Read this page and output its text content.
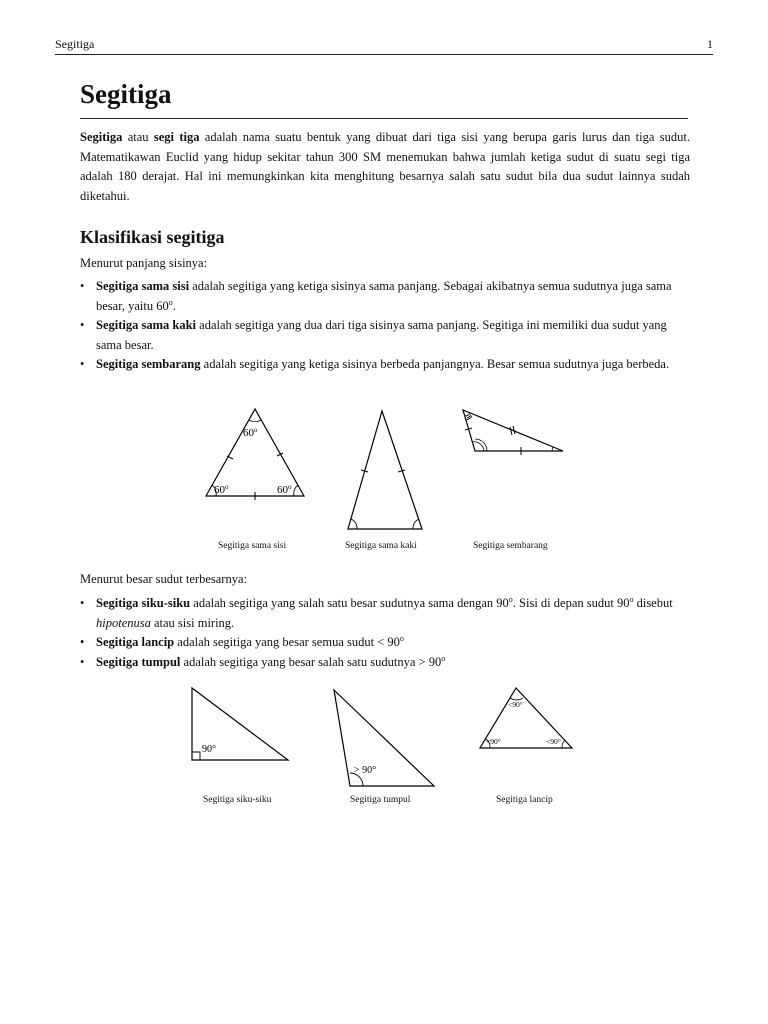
Segitiga	1
Segitiga

Segitiga atau segi tiga adalah nama suatu bentuk yang dibuat dari tiga sisi yang berupa garis lurus dan tiga sudut. Matematikawan Euclid yang hidup sekitar tahun 300 SM menemukan bahwa jumlah ketiga sudut di suatu segi tiga adalah 180 derajat. Hal ini memungkinkan kita menghitung besarnya salah satu sudut bila dua sudut lainnya sudah diketahui.

Klasifikasi segitiga

Menurut panjang sisinya:

• Segitiga sama sisi adalah segitiga yang ketiga sisinya sama panjang. Sebagai akibatnya semua sudutnya juga sama besar, yaitu 60$^o$.
• Segitiga sama kaki adalah segitiga yang dua dari tiga sisinya sama panjang. Segitiga ini memiliki dua sudut yang sama besar.
• Segitiga sembarang adalah segitiga yang ketiga sisinya berbeda panjangnya. Besar semua sudutnya juga berbeda.
60$^o$
60$^o$	60$^o$
Segitiga sama sisi	Segitiga sama kaki	Segitiga sembarang

Menurut besar sudut terbesarnya:

• Segitiga siku-siku adalah segitiga yang salah satu besar sudutnya sama dengan 90$^o$. Sisi di depan sudut 90$^o$ disebut hipotenusa atau sisi miring.
• Segitiga lancip adalah segitiga yang besar semua sudut < $90^o$
• Segitiga tumpul adalah segitiga yang besar salah satu sudutnya > $90^o$
90°
> 90°
<90°
<90°	<90°
Segitiga siku-siku	Segitiga tumpul	Segitiga lancip
